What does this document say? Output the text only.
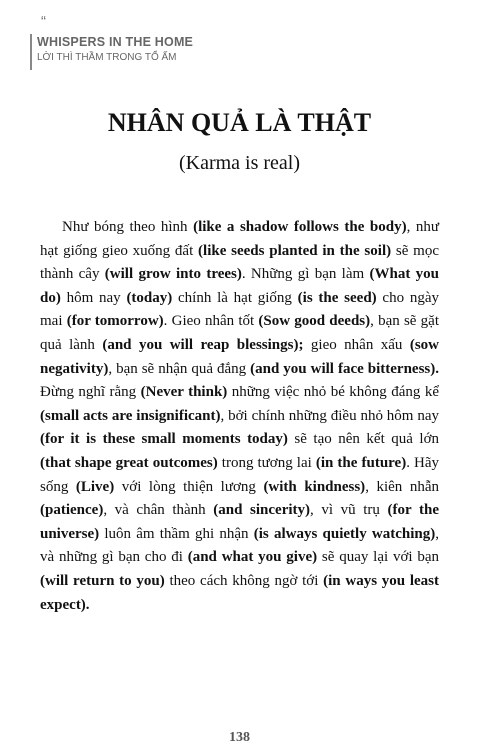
“
WHISPERS IN THE HOME
LỜI THÌ THẦM TRONG TỔ ẤM
NHÂN QUẢ LÀ THẬT
(Karma is real)

Như bóng theo hình (like a shadow follows the body), như hạt giống gieo xuống đất (like seeds planted in the soil) sẽ mọc thành cây (will grow into trees). Những gì bạn làm (What you do) hôm nay (today) chính là hạt giống (is the seed) cho ngày mai (for tomorrow). Gieo nhân tốt (Sow good deeds), bạn sẽ gặt quả lành (and you will reap blessings); gieo nhân xấu (sow negativity), bạn sẽ nhận quả đắng (and you will face bitterness). Đừng nghĩ rằng (Never think) những việc nhỏ bé không đáng kể (small acts are insignificant), bởi chính những điều nhỏ hôm nay (for it is these small moments today) sẽ tạo nên kết quả lớn (that shape great outcomes) trong tương lai (in the future). Hãy sống (Live) với lòng thiện lương (with kindness), kiên nhẫn (patience), và chân thành (and sincerity), vì vũ trụ (for the universe) luôn âm thầm ghi nhận (is always quietly watching), và những gì bạn cho đi (and what you give) sẽ quay lại với bạn (will return to you) theo cách không ngờ tới (in ways you least expect).

138
